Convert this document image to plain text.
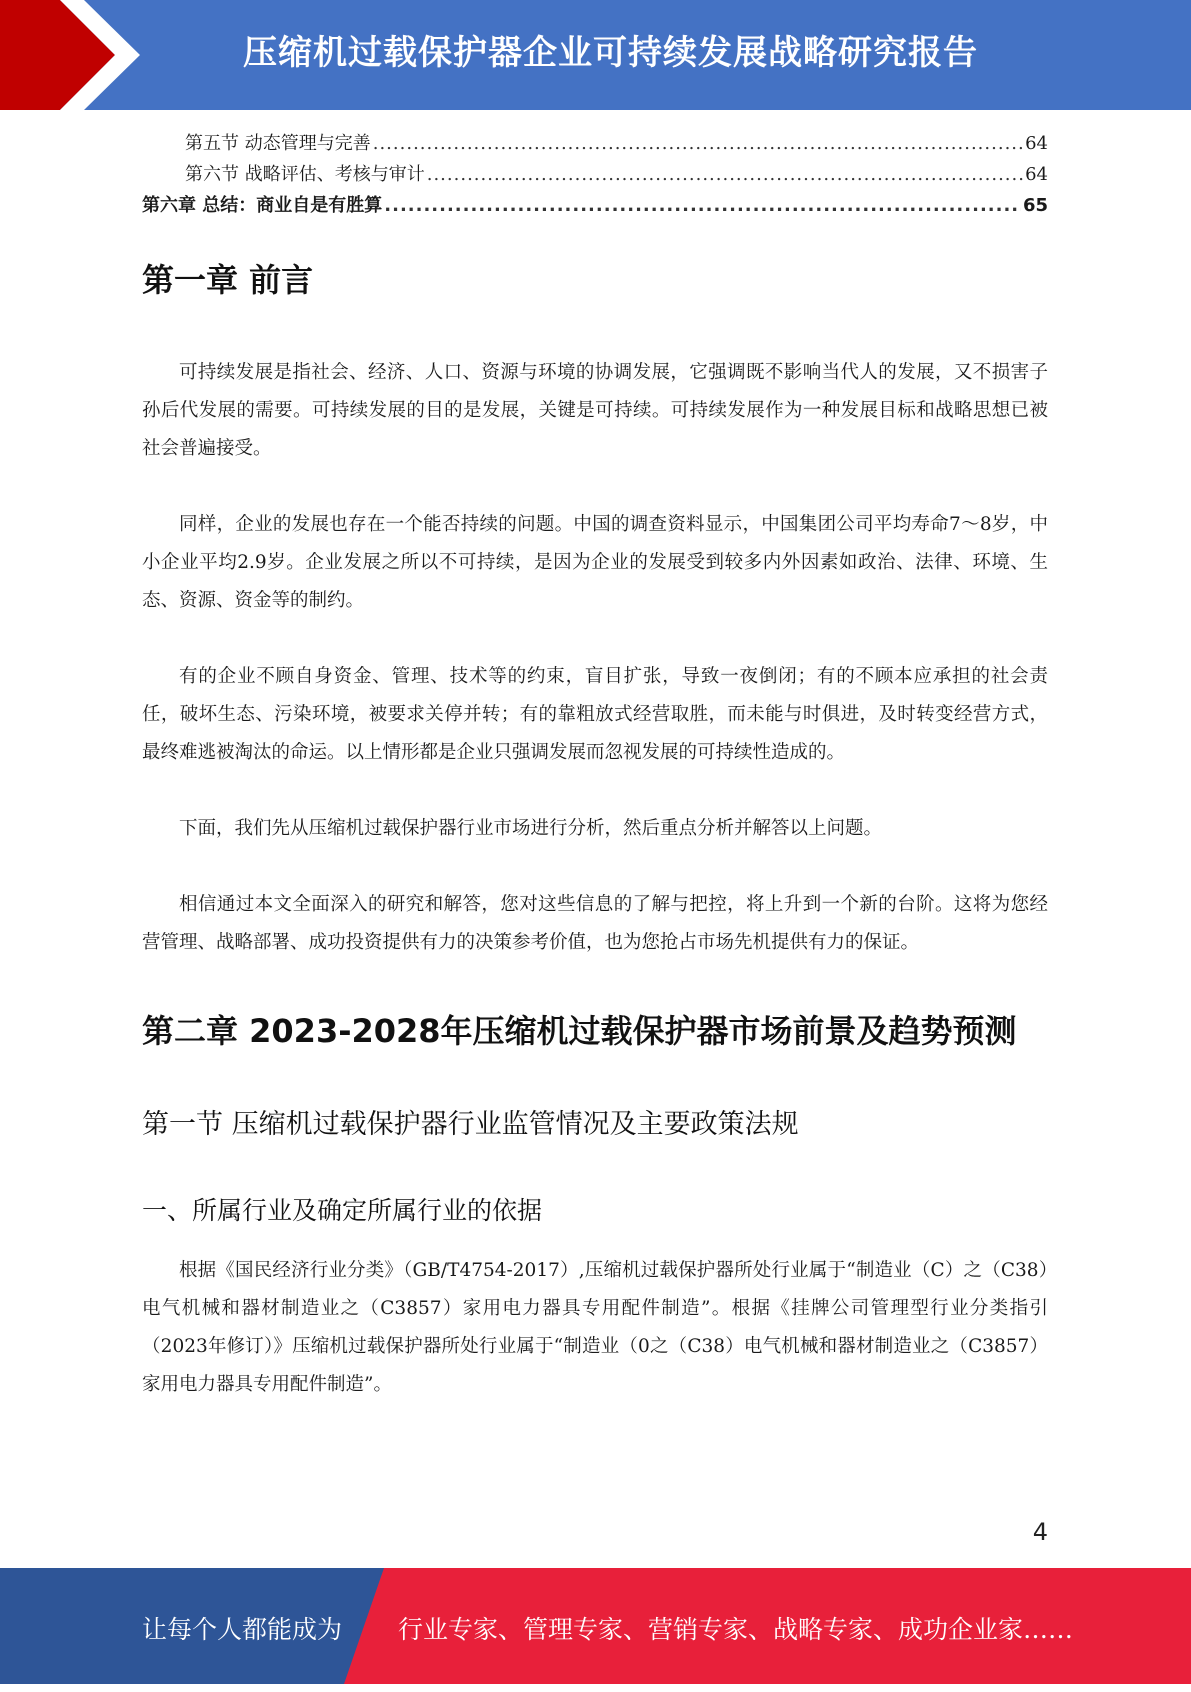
压缩机过载保护器企业可持续发展战略研究报告
第五节 动态管理与完善 .....	64
第六节 战略评估、考核与审计 .....	64
第六章 总结：商业自是有胜算 .....	65
第一章 前言

可持续发展是指社会、经济、人口、资源与环境的协调发展，它强调既不影响当代人的发展，又不损害子孙后代发展的需要。可持续发展的目的是发展，关键是可持续。可持续发展作为一种发展目标和战略思想已被社会普遍接受。

同样，企业的发展也存在一个能否持续的问题。中国的调查资料显示，中国集团公司平均寿命7～8岁，中小企业平均2.9岁。企业发展之所以不可持续，是因为企业的发展受到较多内外因素如政治、法律、环境、生态、资源、资金等的制约。

有的企业不顾自身资金、管理、技术等的约束，盲目扩张，导致一夜倒闭；有的不顾本应承担的社会责任，破坏生态、污染环境，被要求关停并转；有的靠粗放式经营取胜，而未能与时俱进，及时转变经营方式，最终难逃被淘汰的命运。以上情形都是企业只强调发展而忽视发展的可持续性造成的。

下面，我们先从压缩机过载保护器行业市场进行分析，然后重点分析并解答以上问题。

相信通过本文全面深入的研究和解答，您对这些信息的了解与把控，将上升到一个新的台阶。这将为您经营管理、战略部署、成功投资提供有力的决策参考价值，也为您抢占市场先机提供有力的保证。

第二章 2023-2028年压缩机过载保护器市场前景及趋势预测
第一节 压缩机过载保护器行业监管情况及主要政策法规
一、所属行业及确定所属行业的依据

根据《国民经济行业分类》（GB/T4754-2017）,压缩机过载保护器所处行业属于“制造业（C）之（C38）电气机械和器材制造业之（C3857）家用电力器具专用配件制造”。根据《挂牌公司管理型行业分类指引（2023年修订）》压缩机过载保护器所处行业属于“制造业（0之（C38）电气机械和器材制造业之（C3857）家用电力器具专用配件制造”。

4
让每个人都能成为 行业专家、管理专家、营销专家、战略专家、成功企业家……
